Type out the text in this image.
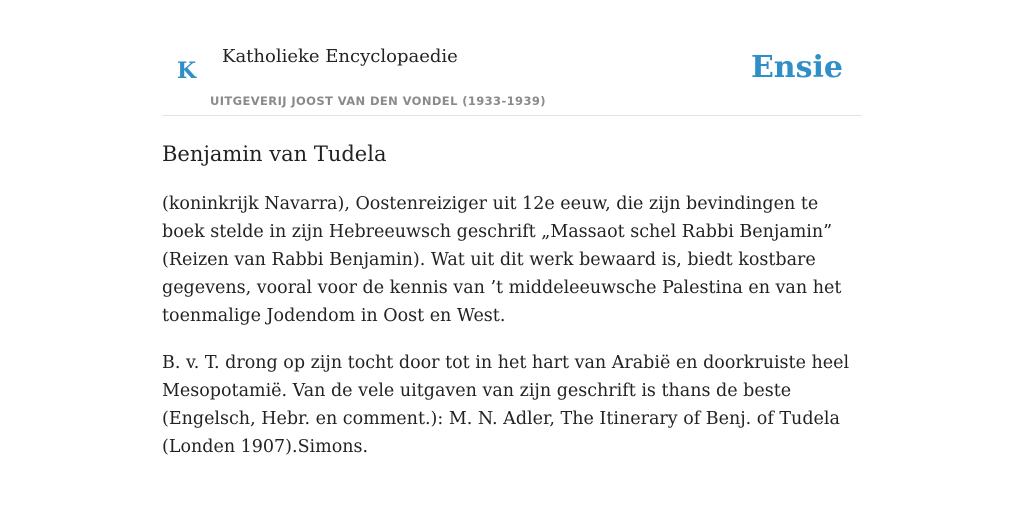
K
Katholieke Encyclopaedie
UITGEVERIJ JOOST VAN DEN VONDEL (1933-1939)
Ensie
Benjamin van Tudela

(koninkrijk Navarra), Oostenreiziger uit 12e eeuw, die zijn bevindingen te boek stelde in zijn Hebreeuwsch geschrift „Massaot schel Rabbi Benjamin” (Reizen van Rabbi Benjamin). Wat uit dit werk bewaard is, biedt kostbare gegevens, vooral voor de kennis van ’t middeleeuwsche Palestina en van het toenmalige Jodendom in Oost en West.

B. v. T. drong op zijn tocht door tot in het hart van Arabië en doorkruiste heel Mesopotamië. Van de vele uitgaven van zijn geschrift is thans de beste (Engelsch, Hebr. en comment.): M. N. Adler, The Itinerary of Benj. of Tudela (Londen 1907).Simons.
